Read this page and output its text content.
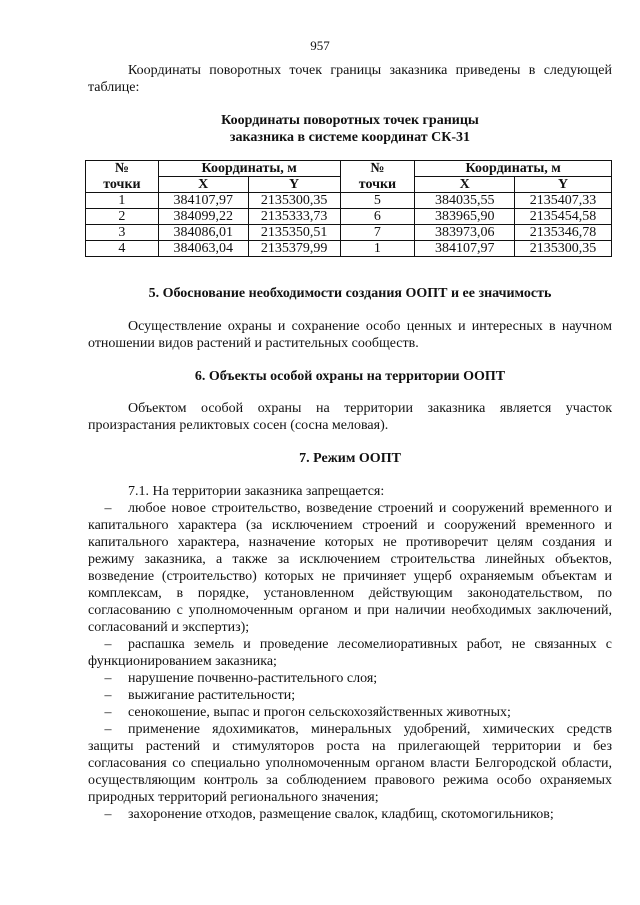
957

Координаты поворотных точек границы заказника приведены в следующей таблице:

Координаты поворотных точек границы

заказника в системе координат СК-31

№	Координаты, м		№	Координаты, м	
точки	X	Y	точки	X	Y
1	384107,97	2135300,35	5	384035,55	2135407,33
2	384099,22	2135333,73	6	383965,90	2135454,58
3	384086,01	2135350,51	7	383973,06	2135346,78
4	384063,04	2135379,99	1	384107,97	2135300,35

5. Обоснование необходимости создания ООПТ и ее значимость

Осуществление охраны и сохранение особо ценных и интересных в научном отношении видов растений и растительных сообществ.

6. Объекты особой охраны на территории ООПТ

Объектом особой охраны на территории заказника является участок произрастания реликтовых сосен (сосна меловая).

7. Режим ООПТ

7.1. На территории заказника запрещается:

– любое новое строительство, возведение строений и сооружений временного и капитального характера (за исключением строений и сооружений временного и капитального характера, назначение которых не противоречит целям создания и режиму заказника, а также за исключением строительства линейных объектов, возведение (строительство) которых не причиняет ущерб охраняемым объектам и комплексам, в порядке, установленном действующим законодательством, по согласованию с уполномоченным органом и при наличии необходимых заключений, согласований и экспертиз);

– распашка земель и проведение лесомелиоративных работ, не связанных с функционированием заказника;

– нарушение почвенно-растительного слоя;

– выжигание растительности;

– сенокошение, выпас и прогон сельскохозяйственных животных;

– применение ядохимикатов, минеральных удобрений, химических средств защиты растений и стимуляторов роста на прилегающей территории и без согласования со специально уполномоченным органом власти Белгородской области, осуществляющим контроль за соблюдением правового режима особо охраняемых природных территорий регионального значения;

– захоронение отходов, размещение свалок, кладбищ, скотомогильников;
